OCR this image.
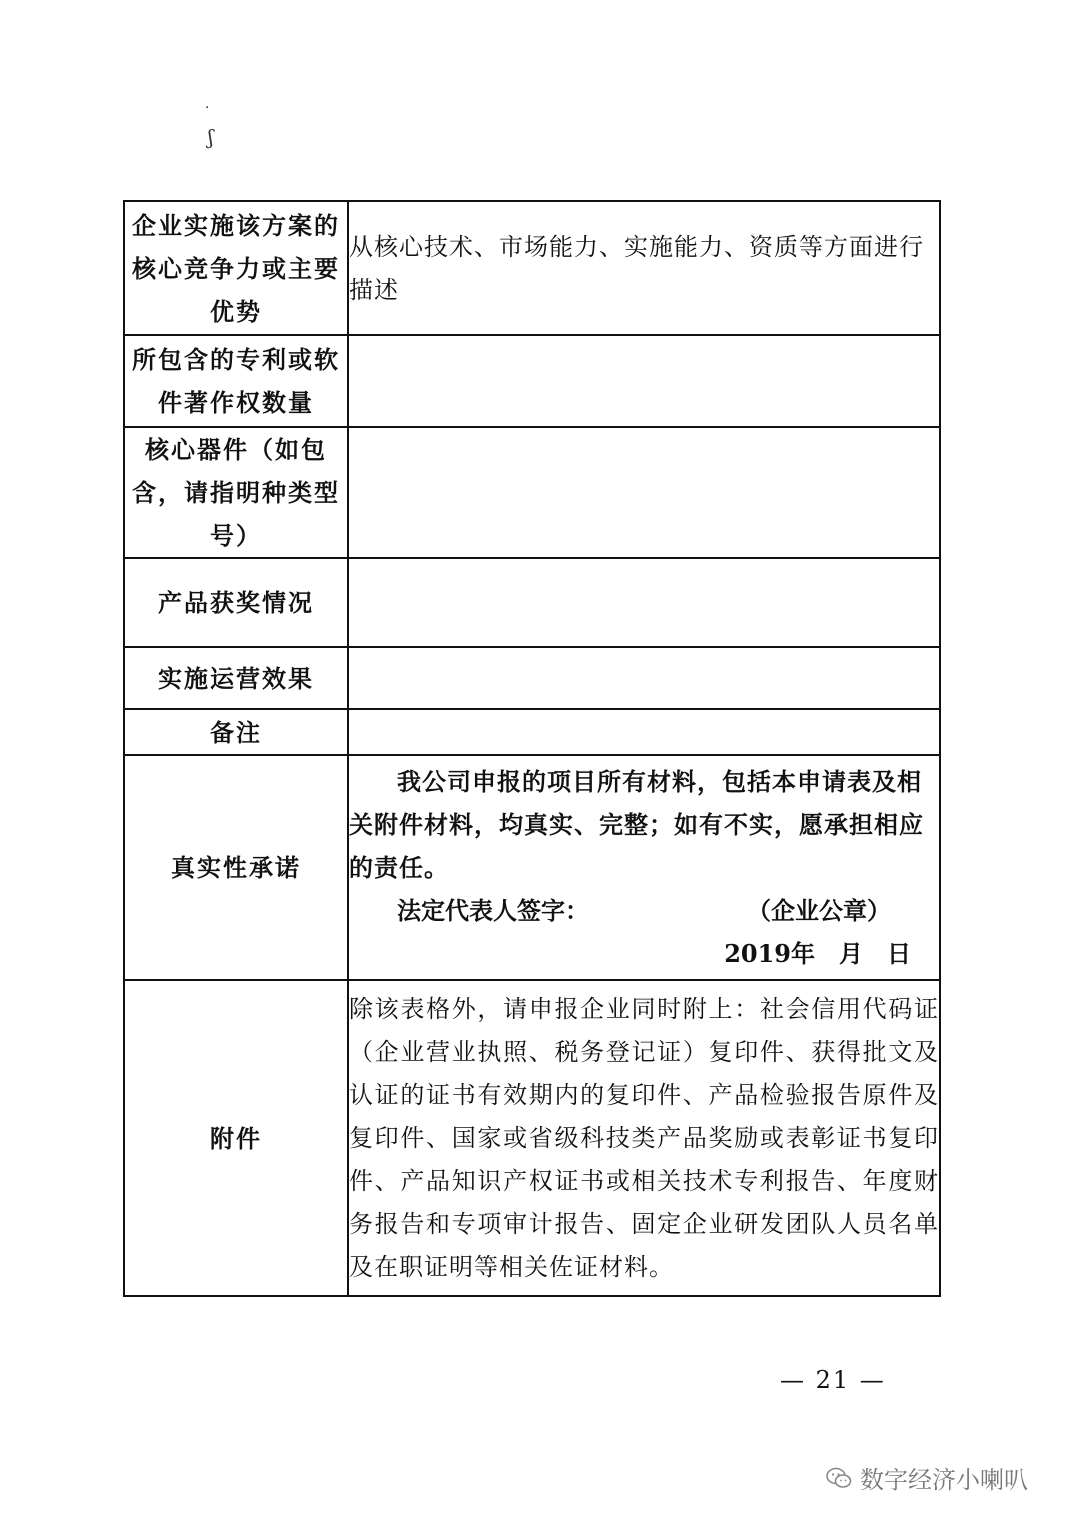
·
ʃ
企业实施该方案的核心竞争力或主要优势	从核心技术、市场能力、实施能力、资质等方面进行描述
所包含的专利或软件著作权数量	
核心器件（如包含，请指明种类型号）	
产品获奖情况	
实施运营效果	
备注	
真实性承诺	我公司申报的项目所有材料，包括本申请表及相关附件材料，均真实、完整；如有不实，愿承担相应的责任。

法定代表人签字： （企业公章）
2019年　月　日

附件	除该表格外，请申报企业同时附上：社会信用代码证（企业营业执照、税务登记证）复印件、获得批文及认证的证书有效期内的复印件、产品检验报告原件及复印件、国家或省级科技类产品奖励或表彰证书复印件、产品知识产权证书或相关技术专利报告、年度财务报告和专项审计报告、固定企业研发团队人员名单及在职证明等相关佐证材料。
— 21 —
数字经济小喇叭
